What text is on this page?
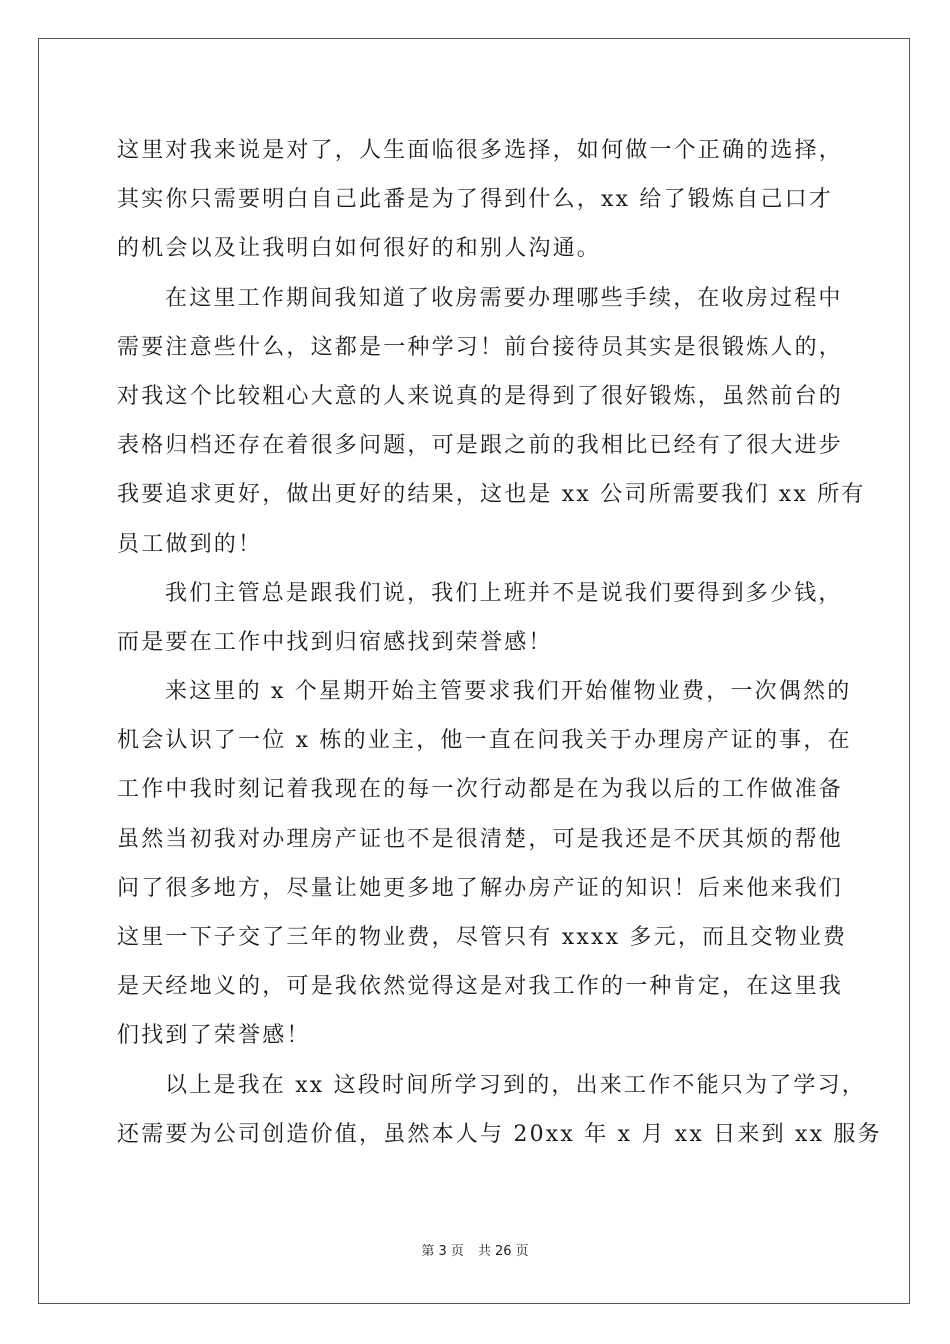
这里对我来说是对了，人生面临很多选择，如何做一个正确的选择，
其实你只需要明白自己此番是为了得到什么，xx 给了锻炼自己口才
的机会以及让我明白如何很好的和别人沟通。
在这里工作期间我知道了收房需要办理哪些手续，在收房过程中
需要注意些什么，这都是一种学习！前台接待员其实是很锻炼人的，
对我这个比较粗心大意的人来说真的是得到了很好锻炼，虽然前台的
表格归档还存在着很多问题，可是跟之前的我相比已经有了很大进步
我要追求更好，做出更好的结果，这也是 xx 公司所需要我们 xx 所有
员工做到的！
我们主管总是跟我们说，我们上班并不是说我们要得到多少钱，
而是要在工作中找到归宿感找到荣誉感！
来这里的 x 个星期开始主管要求我们开始催物业费，一次偶然的
机会认识了一位 x 栋的业主，他一直在问我关于办理房产证的事，在
工作中我时刻记着我现在的每一次行动都是在为我以后的工作做准备
虽然当初我对办理房产证也不是很清楚，可是我还是不厌其烦的帮他
问了很多地方，尽量让她更多地了解办房产证的知识！后来他来我们
这里一下子交了三年的物业费，尽管只有 xxxx 多元，而且交物业费
是天经地义的，可是我依然觉得这是对我工作的一种肯定，在这里我
们找到了荣誉感！
以上是我在 xx 这段时间所学习到的，出来工作不能只为了学习，
还需要为公司创造价值，虽然本人与 20xx 年 x 月 xx 日来到 xx 服务
第 3 页 共 26 页
